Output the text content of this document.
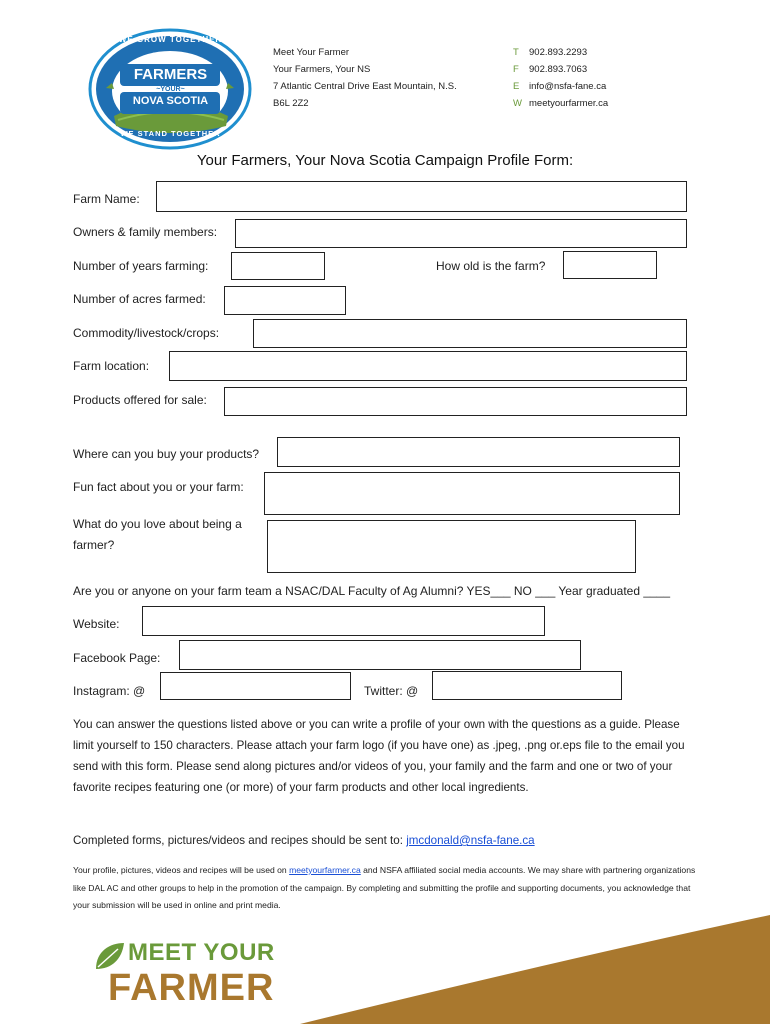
WE GROW TOGETHER
YOUR
FARMERS
~YOUR~
NOVA SCOTIA
WE STAND TOGETHER
Meet Your Farmer
Your Farmers, Your NS
7 Atlantic Central Drive East Mountain, N.S.
B6L 2Z2
T 902.893.2293
F 902.893.7063
E info@nsfa-fane.ca
W meetyourfarmer.ca
Your Farmers, Your Nova Scotia Campaign Profile Form:
Farm Name:
Owners & family members:
Number of years farming:	How old is the farm?
Number of acres farmed:
Commodity/livestock/crops:
Farm location:
Products offered for sale:
Where can you buy your products?
Fun fact about you or your farm:
What do you love about being a
farmer?
Are you or anyone on your farm team a NSAC/DAL Faculty of Ag Alumni? YES___ NO ___ Year graduated ____
Website:
Facebook Page:
Instagram: @	Twitter: @
You can answer the questions listed above or you can write a profile of your own with the questions as a guide. Please limit yourself to 150 characters. Please attach your farm logo (if you have one) as .jpeg, .png or.eps file to the email you send with this form. Please send along pictures and/or videos of you, your family and the farm and one or two of your favorite recipes featuring one (or more) of your farm products and other local ingredients.
Completed forms, pictures/videos and recipes should be sent to: jmcdonald@nsfa-fane.ca
Your profile, pictures, videos and recipes will be used on meetyourfarmer.ca and NSFA affiliated social media accounts. We may share with partnering organizations like DAL AC and other groups to help in the promotion of the campaign. By completing and submitting the profile and supporting documents, you acknowledge that your submission will be used in online and print media.
MEET YOUR
FARMER
